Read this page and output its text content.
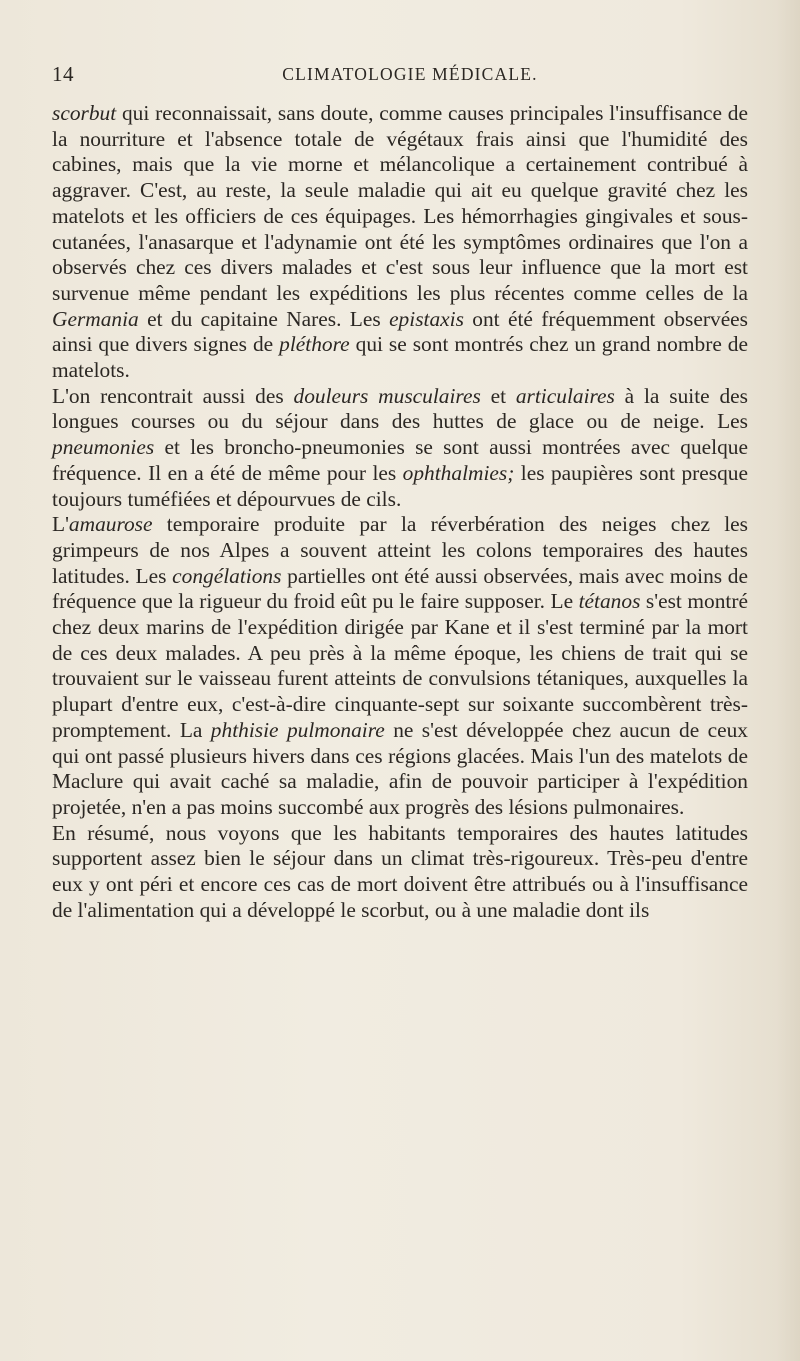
14	CLIMATOLOGIE MÉDICALE.

scorbut qui reconnaissait, sans doute, comme causes principales l'insuffisance de la nourriture et l'absence totale de végétaux frais ainsi que l'humidité des cabines, mais que la vie morne et mélancolique a certainement contribué à aggraver. C'est, au reste, la seule maladie qui ait eu quelque gravité chez les matelots et les officiers de ces équipages. Les hémorrhagies gingivales et sous-cutanées, l'anasarque et l'adynamie ont été les symptômes ordinaires que l'on a observés chez ces divers malades et c'est sous leur influence que la mort est survenue même pendant les expéditions les plus récentes comme celles de la Germania et du capitaine Nares. Les epistaxis ont été fréquemment observées ainsi que divers signes de pléthore qui se sont montrés chez un grand nombre de matelots.

L'on rencontrait aussi des douleurs musculaires et articulaires à la suite des longues courses ou du séjour dans des huttes de glace ou de neige. Les pneumonies et les broncho-pneumonies se sont aussi montrées avec quelque fréquence. Il en a été de même pour les ophthalmies; les paupières sont presque toujours tuméfiées et dépourvues de cils.

L'amaurose temporaire produite par la réverbération des neiges chez les grimpeurs de nos Alpes a souvent atteint les colons temporaires des hautes latitudes. Les congélations partielles ont été aussi observées, mais avec moins de fréquence que la rigueur du froid eût pu le faire supposer. Le tétanos s'est montré chez deux marins de l'expédition dirigée par Kane et il s'est terminé par la mort de ces deux malades. A peu près à la même époque, les chiens de trait qui se trouvaient sur le vaisseau furent atteints de convulsions tétaniques, auxquelles la plupart d'entre eux, c'est-à-dire cinquante-sept sur soixante succombèrent très-promptement. La phthisie pulmonaire ne s'est développée chez aucun de ceux qui ont passé plusieurs hivers dans ces régions glacées. Mais l'un des matelots de Maclure qui avait caché sa maladie, afin de pouvoir participer à l'expédition projetée, n'en a pas moins succombé aux progrès des lésions pulmonaires.

En résumé, nous voyons que les habitants temporaires des hautes latitudes supportent assez bien le séjour dans un climat très-rigoureux. Très-peu d'entre eux y ont péri et encore ces cas de mort doivent être attribués ou à l'insuffisance de l'alimentation qui a développé le scorbut, ou à une maladie dont ils
